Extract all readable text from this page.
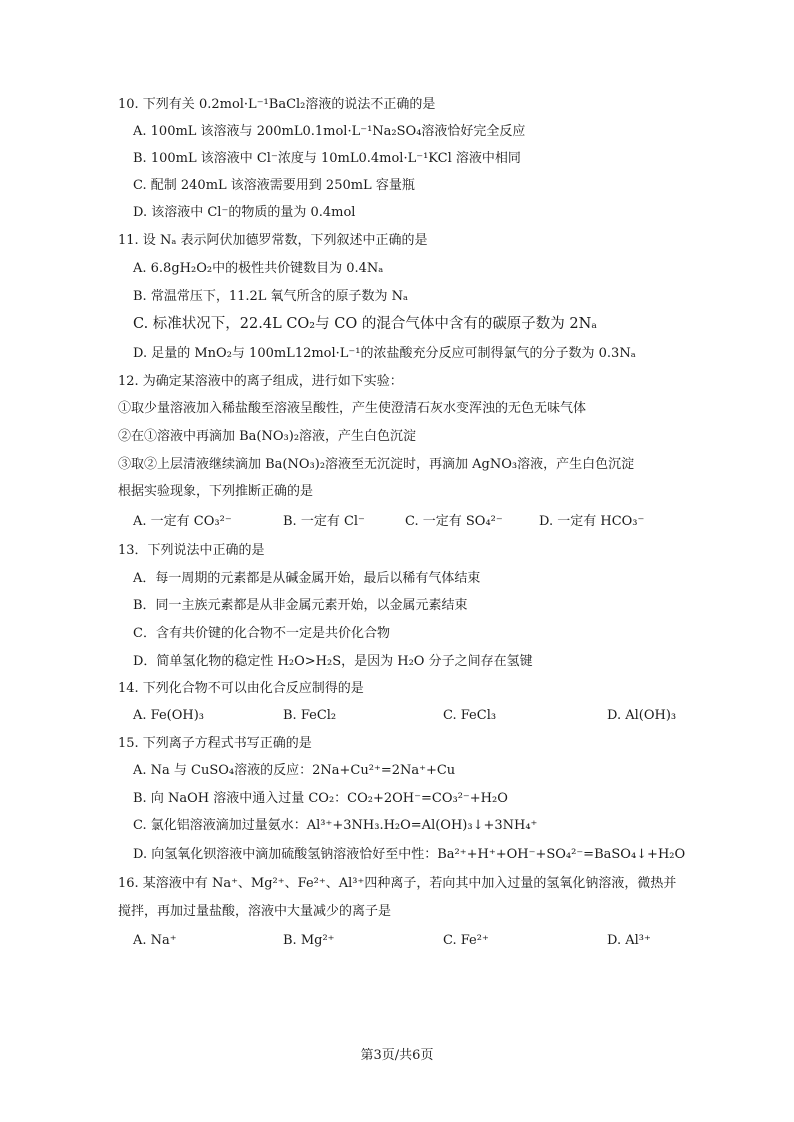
10. 下列有关 0.2mol·L⁻¹BaCl₂溶液的说法不正确的是
A. 100mL 该溶液与 200mL0.1mol·L⁻¹Na₂SO₄溶液恰好完全反应
B. 100mL 该溶液中 Cl⁻浓度与 10mL0.4mol·L⁻¹KCl 溶液中相同
C. 配制 240mL 该溶液需要用到 250mL 容量瓶
D. 该溶液中 Cl⁻的物质的量为 0.4mol
11. 设 Nₐ 表示阿伏加德罗常数，下列叙述中正确的是
A. 6.8gH₂O₂中的极性共价键数目为 0.4Nₐ
B. 常温常压下，11.2L 氧气所含的原子数为 Nₐ
C. 标准状况下，22.4L CO₂与 CO 的混合气体中含有的碳原子数为 2Nₐ
D. 足量的 MnO₂与 100mL12mol·L⁻¹的浓盐酸充分反应可制得氯气的分子数为 0.3Nₐ
12. 为确定某溶液中的离子组成，进行如下实验：
①取少量溶液加入稀盐酸至溶液呈酸性，产生使澄清石灰水变浑浊的无色无味气体
②在①溶液中再滴加 Ba(NO₃)₂溶液，产生白色沉淀
③取②上层清液继续滴加 Ba(NO₃)₂溶液至无沉淀时，再滴加 AgNO₃溶液，产生白色沉淀
根据实验现象，下列推断正确的是
A. 一定有 CO₃²⁻	B. 一定有 Cl⁻	C. 一定有 SO₄²⁻	D. 一定有 HCO₃⁻
13．下列说法中正确的是
A．每一周期的元素都是从碱金属开始，最后以稀有气体结束
B．同一主族元素都是从非金属元素开始，以金属元素结束
C．含有共价键的化合物不一定是共价化合物
D．简单氢化物的稳定性 H₂O>H₂S，是因为 H₂O 分子之间存在氢键
14. 下列化合物不可以由化合反应制得的是
A. Fe(OH)₃	B. FeCl₂	C. FeCl₃	D. Al(OH)₃
15. 下列离子方程式书写正确的是
A. Na 与 CuSO₄溶液的反应：2Na+Cu²⁺=2Na⁺+Cu
B. 向 NaOH 溶液中通入过量 CO₂：CO₂+2OH⁻=CO₃²⁻+H₂O
C. 氯化铝溶液滴加过量氨水：Al³⁺+3NH₃.H₂O=Al(OH)₃↓+3NH₄⁺
D. 向氢氧化钡溶液中滴加硫酸氢钠溶液恰好至中性：Ba²⁺+H⁺+OH⁻+SO₄²⁻=BaSO₄↓+H₂O
16. 某溶液中有 Na⁺、Mg²⁺、Fe²⁺、Al³⁺四种离子，若向其中加入过量的氢氧化钠溶液，微热并
搅拌，再加过量盐酸，溶液中大量减少的离子是
A. Na⁺	B. Mg²⁺	C. Fe²⁺	D. Al³⁺
第3页/共6页
